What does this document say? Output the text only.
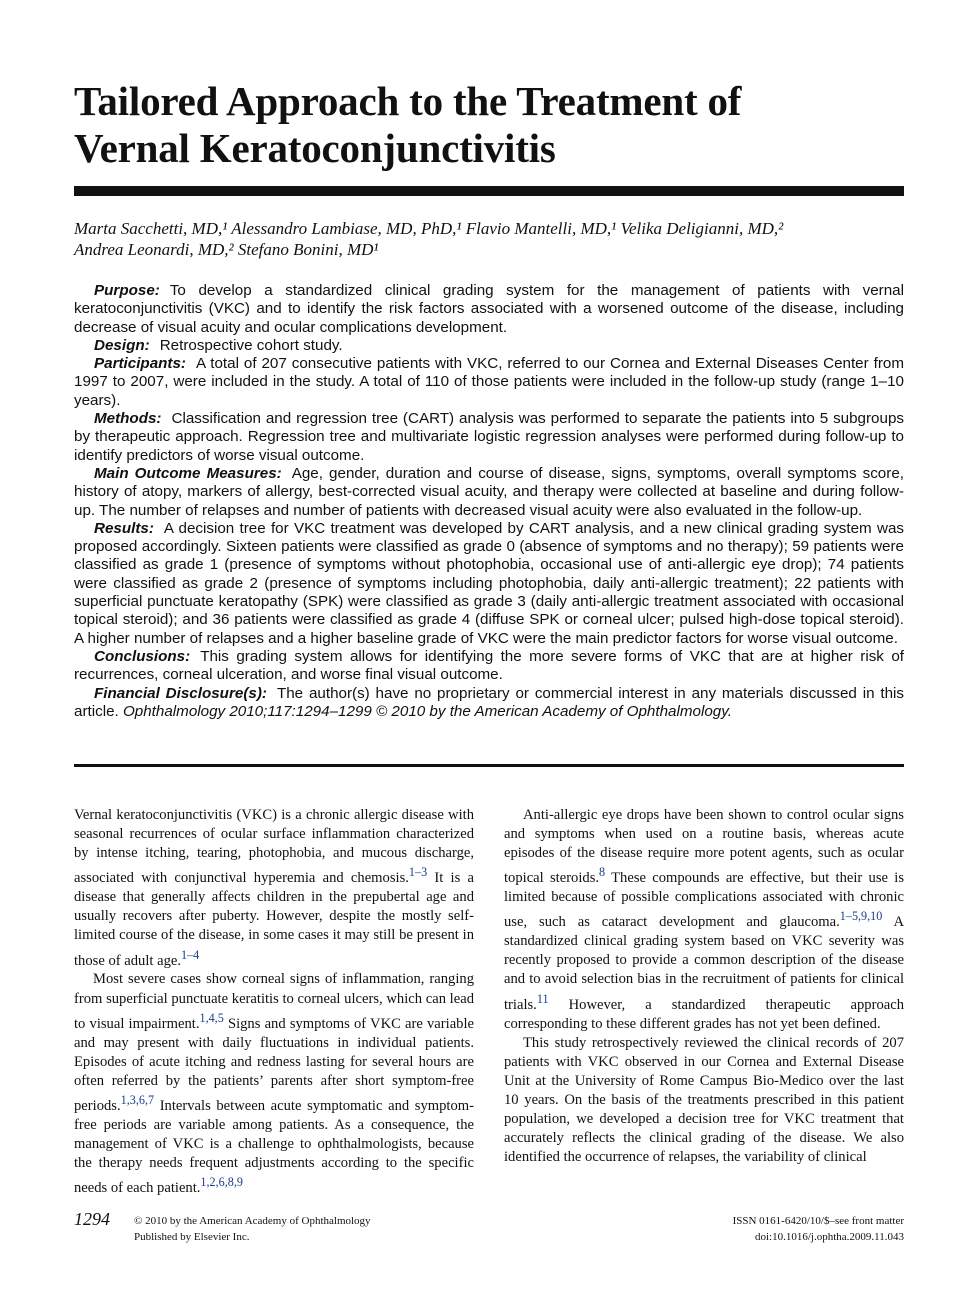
Tailored Approach to the Treatment of
Vernal Keratoconjunctivitis
Marta Sacchetti, MD,¹ Alessandro Lambiase, MD, PhD,¹ Flavio Mantelli, MD,¹ Velika Deligianni, MD,²
Andrea Leonardi, MD,² Stefano Bonini, MD¹

Purpose: To develop a standardized clinical grading system for the management of patients with vernal keratoconjunctivitis (VKC) and to identify the risk factors associated with a worsened outcome of the disease, including decrease of visual acuity and ocular complications development.

Design: Retrospective cohort study.

Participants: A total of 207 consecutive patients with VKC, referred to our Cornea and External Diseases Center from 1997 to 2007, were included in the study. A total of 110 of those patients were included in the follow-up study (range 1–10 years).

Methods: Classification and regression tree (CART) analysis was performed to separate the patients into 5 subgroups by therapeutic approach. Regression tree and multivariate logistic regression analyses were performed during follow-up to identify predictors of worse visual outcome.

Main Outcome Measures: Age, gender, duration and course of disease, signs, symptoms, overall symptoms score, history of atopy, markers of allergy, best-corrected visual acuity, and therapy were collected at baseline and during follow-up. The number of relapses and number of patients with decreased visual acuity were also evaluated in the follow-up.

Results: A decision tree for VKC treatment was developed by CART analysis, and a new clinical grading system was proposed accordingly. Sixteen patients were classified as grade 0 (absence of symptoms and no therapy); 59 patients were classified as grade 1 (presence of symptoms without photophobia, occasional use of anti-allergic eye drop); 74 patients were classified as grade 2 (presence of symptoms including photophobia, daily anti-allergic treatment); 22 patients with superficial punctuate keratopathy (SPK) were classified as grade 3 (daily anti-allergic treatment associated with occasional topical steroid); and 36 patients were classified as grade 4 (diffuse SPK or corneal ulcer; pulsed high-dose topical steroid). A higher number of relapses and a higher baseline grade of VKC were the main predictor factors for worse visual outcome.

Conclusions: This grading system allows for identifying the more severe forms of VKC that are at higher risk of recurrences, corneal ulceration, and worse final visual outcome.

Financial Disclosure(s): The author(s) have no proprietary or commercial interest in any materials discussed in this article. Ophthalmology 2010;117:1294–1299 © 2010 by the American Academy of Ophthalmology.

Vernal keratoconjunctivitis (VKC) is a chronic allergic disease with seasonal recurrences of ocular surface inflammation characterized by intense itching, tearing, photophobia, and mucous discharge, associated with conjunctival hyperemia and chemosis.$^{1-3}$ It is a disease that generally affects children in the prepubertal age and usually recovers after puberty. However, despite the mostly self-limited course of the disease, in some cases it may still be present in those of adult age.$^{1-4}$

Most severe cases show corneal signs of inflammation, ranging from superficial punctuate keratitis to corneal ulcers, which can lead to visual impairment.$^{1,4,5}$ Signs and symptoms of VKC are variable and may present with daily fluctuations in individual patients. Episodes of acute itching and redness lasting for several hours are often referred by the patients’ parents after short symptom-free periods.$^{1,3,6,7}$ Intervals between acute symptomatic and symptom-free periods are variable among patients. As a consequence, the management of VKC is a challenge to ophthalmologists, because the therapy needs frequent adjustments according to the specific needs of each patient.$^{1,2,6,8,9}$

Anti-allergic eye drops have been shown to control ocular signs and symptoms when used on a routine basis, whereas acute episodes of the disease require more potent agents, such as ocular topical steroids.$^8$ These compounds are effective, but their use is limited because of possible complications associated with chronic use, such as cataract development and glaucoma.$^{1-5,9,10}$ A standardized clinical grading system based on VKC severity was recently proposed to provide a common description of the disease and to avoid selection bias in the recruitment of patients for clinical trials.$^{11}$ However, a standardized therapeutic approach corresponding to these different grades has not yet been defined.

This study retrospectively reviewed the clinical records of 207 patients with VKC observed in our Cornea and External Disease Unit at the University of Rome Campus Bio-Medico over the last 10 years. On the basis of the treatments prescribed in this patient population, we developed a decision tree for VKC treatment that accurately reflects the clinical grading of the disease. We also identified the occurrence of relapses, the variability of clinical

1294 © 2010 by the American Academy of Ophthalmology
Published by Elsevier Inc.
ISSN 0161-6420/10/$–see front matter
doi:10.1016/j.ophtha.2009.11.043
